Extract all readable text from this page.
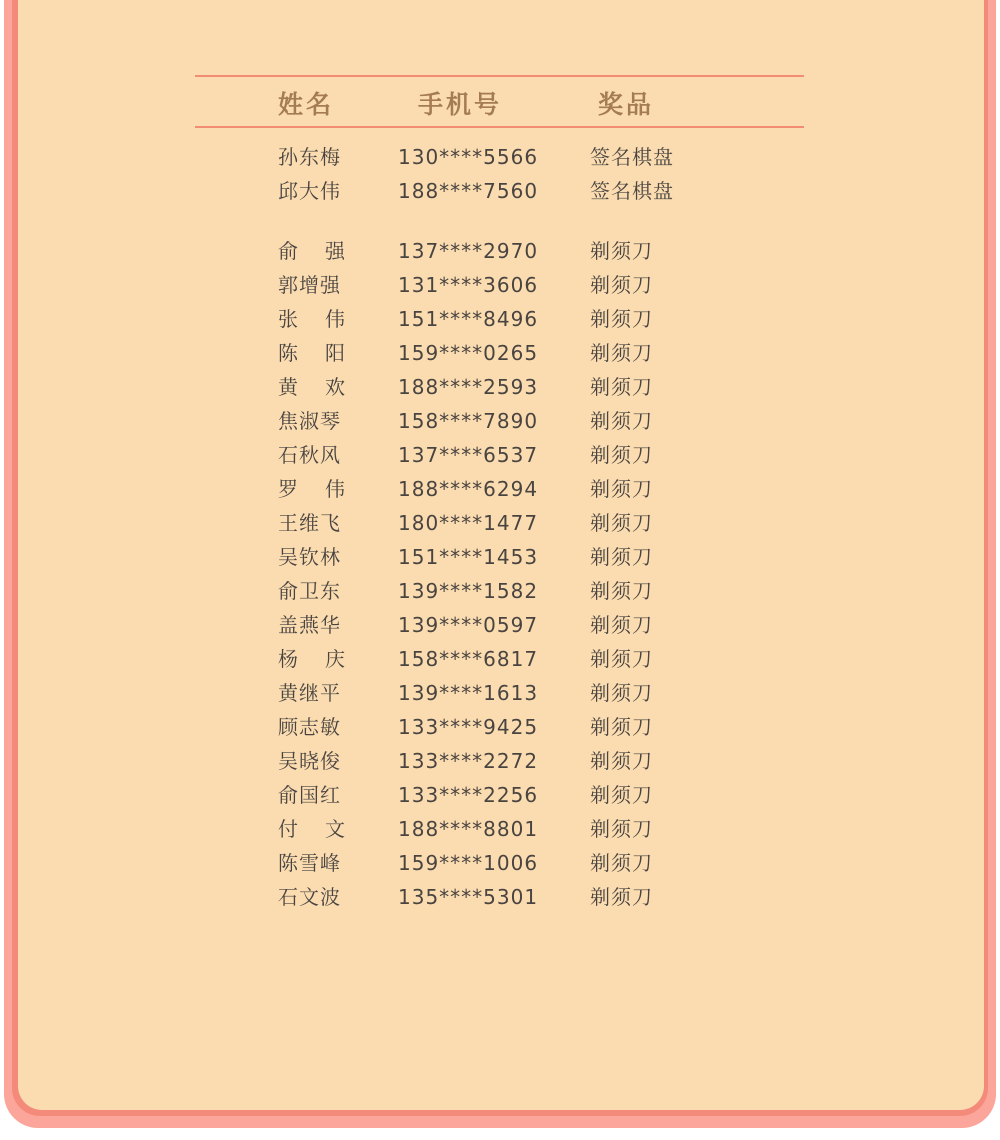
姓名	手机号	奖品
孙东梅	130****5566	签名棋盘
邱大伟	188****7560	签名棋盘
俞 强	137****2970	剃须刀
郭增强	131****3606	剃须刀
张 伟	151****8496	剃须刀
陈 阳	159****0265	剃须刀
黄 欢	188****2593	剃须刀
焦淑琴	158****7890	剃须刀
石秋风	137****6537	剃须刀
罗 伟	188****6294	剃须刀
王维飞	180****1477	剃须刀
吴钦林	151****1453	剃须刀
俞卫东	139****1582	剃须刀
盖燕华	139****0597	剃须刀
杨 庆	158****6817	剃须刀
黄继平	139****1613	剃须刀
顾志敏	133****9425	剃须刀
吴晓俊	133****2272	剃须刀
俞国红	133****2256	剃须刀
付 文	188****8801	剃须刀
陈雪峰	159****1006	剃须刀
石文波	135****5301	剃须刀
